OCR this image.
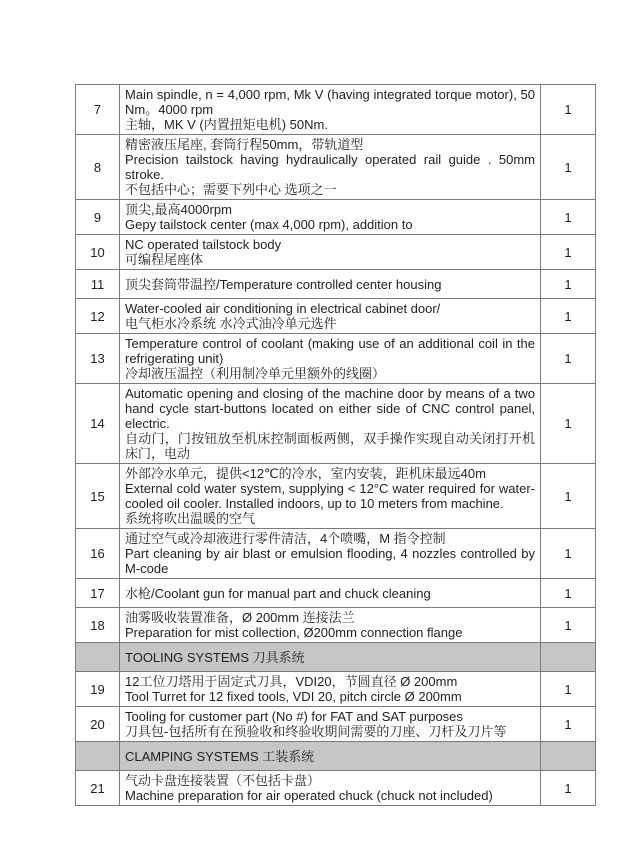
7	Main spindle, n = 4,000 rpm, Mk V (having integrated torque motor), 50 Nm。4000 rpm

主轴，MK V (内置扭矩电机) 50Nm.	1
8	精密液压尾座, 套筒行程50mm，带轨道型

Precision tailstock having hydraulically operated rail guide . 50mm stroke.

不包括中心；需要下列中心 选项之一	1
9	顶尖,最高4000rpm

Gepy tailstock center (max 4,000 rpm), addition to	1
10	NC operated tailstock body

可编程尾座体	1
11	顶尖套筒带温控/Temperature controlled center housing	1
12	Water-cooled air conditioning in electrical cabinet door/

电气柜水冷系统 水冷式油冷单元选件	1
13	Temperature control of coolant (making use of an additional coil in the refrigerating unit)

冷却液压温控（利用制冷单元里额外的线圈）	1
14	Automatic opening and closing of the machine door by means of a two hand cycle start-buttons located on either side of CNC control panel, electric.

自动门，门按钮放至机床控制面板两侧，双手操作实现自动关闭打开机床门，电动	1
15	外部冷水单元，提供<12℃的冷水，室内安装，距机床最远40m

External cold water system, supplying < 12°C water required for water-cooled oil cooler. Installed indoors, up to 10 meters from machine.

系统将吹出温暖的空气	1
16	通过空气或冷却液进行零件清洁，4个喷嘴，M 指令控制

Part cleaning by air blast or emulsion flooding, 4 nozzles controlled by M-code	1
17	水枪/Coolant gun for manual part and chuck cleaning	1
18	油雾吸收装置准备，Ø 200mm 连接法兰

Preparation for mist collection, Ø200mm connection flange	1
	TOOLING SYSTEMS 刀具系统	
19	12工位刀塔用于固定式刀具，VDI20，节圆直径 Ø 200mm

Tool Turret for 12 fixed tools, VDI 20, pitch circle Ø 200mm	1
20	Tooling for customer part (No #) for FAT and SAT purposes

刀具包-包括所有在预验收和终验收期间需要的刀座、刀杆及刀片等	1
	CLAMPING SYSTEMS 工装系统	
21	气动卡盘连接装置（不包括卡盘）

Machine preparation for air operated chuck (chuck not included)	1
